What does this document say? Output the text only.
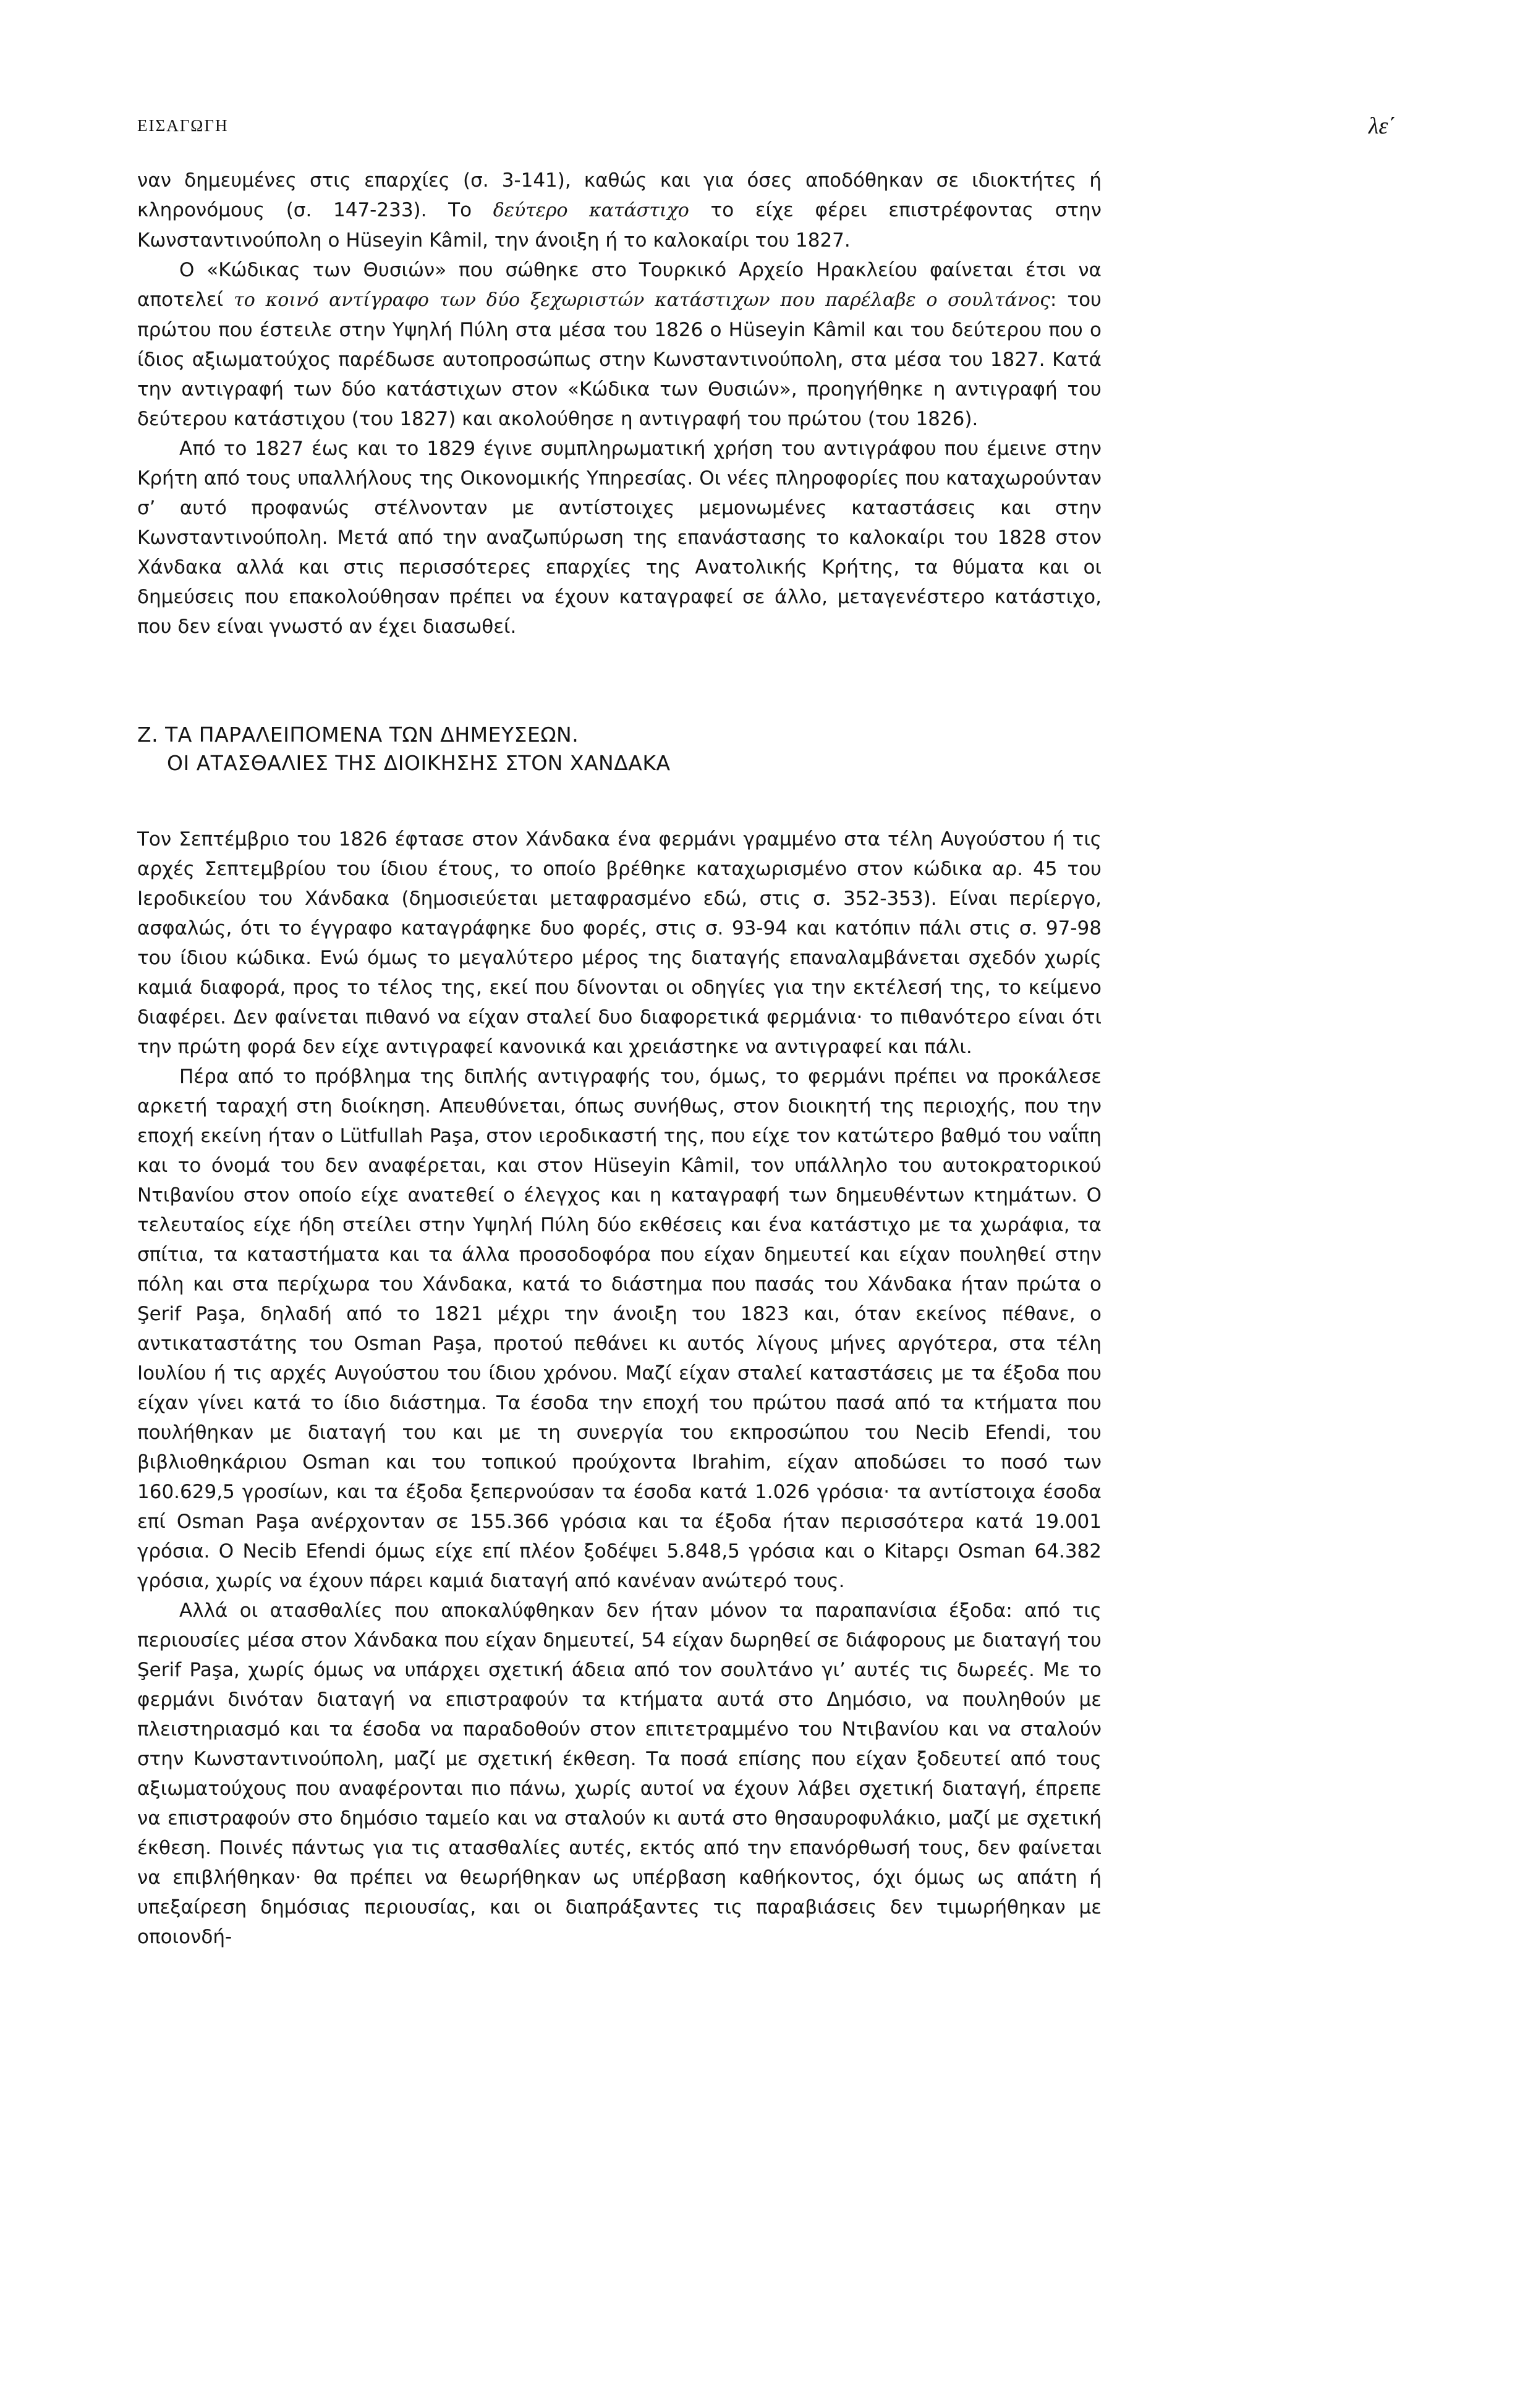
ΕΙΣΑΓΩΓΗ	λε΄

ναν δημευμένες στις επαρχίες (σ. 3-141), καθώς και για όσες αποδόθηκαν σε ιδιοκτήτες ή κληρονόμους (σ. 147-233). Το δεύτερο κατάστιχο το είχε φέρει επιστρέφοντας στην Κωνσταντινούπολη ο Hüseyin Kâmil, την άνοιξη ή το καλοκαίρι του 1827.

Ο «Κώδικας των Θυσιών» που σώθηκε στο Τουρκικό Αρχείο Ηρακλείου φαίνεται έτσι να αποτελεί το κοινό αντίγραφο των δύο ξεχωριστών κατάστιχων που παρέλαβε ο σουλτάνος: του πρώτου που έστειλε στην Υψηλή Πύλη στα μέσα του 1826 ο Hüseyin Kâmil και του δεύτερου που ο ίδιος αξιωματούχος παρέδωσε αυτοπροσώπως στην Κωνσταντινούπολη, στα μέσα του 1827. Κατά την αντιγραφή των δύο κατάστιχων στον «Κώδικα των Θυσιών», προηγήθηκε η αντιγραφή του δεύτερου κατάστιχου (του 1827) και ακολούθησε η αντιγραφή του πρώτου (του 1826).

Από το 1827 έως και το 1829 έγινε συμπληρωματική χρήση του αντιγράφου που έμεινε στην Κρήτη από τους υπαλλήλους της Οικονομικής Υπηρεσίας. Οι νέες πληροφορίες που καταχωρούνταν σ’ αυτό προφανώς στέλνονταν με αντίστοιχες μεμονωμένες καταστάσεις και στην Κωνσταντινούπολη. Μετά από την αναζωπύρωση της επανάστασης το καλοκαίρι του 1828 στον Χάνδακα αλλά και στις περισσότερες επαρχίες της Ανατολικής Κρήτης, τα θύματα και οι δημεύσεις που επακολούθησαν πρέπει να έχουν καταγραφεί σε άλλο, μεταγενέστερο κατάστιχο, που δεν είναι γνωστό αν έχει διασωθεί.

Ζ. ΤΑ ΠΑΡΑΛΕΙΠΟΜΕΝΑ ΤΩΝ ΔΗΜΕΥΣΕΩΝ.
ΟΙ ΑΤΑΣΘΑΛΙΕΣ ΤΗΣ ΔΙΟΙΚΗΣΗΣ ΣΤΟΝ ΧΑΝΔΑΚΑ

Τον Σεπτέμβριο του 1826 έφτασε στον Χάνδακα ένα φερμάνι γραμμένο στα τέλη Αυγούστου ή τις αρχές Σεπτεμβρίου του ίδιου έτους, το οποίο βρέθηκε καταχωρισμένο στον κώδικα αρ. 45 του Ιεροδικείου του Χάνδακα (δημοσιεύεται μεταφρασμένο εδώ, στις σ. 352-353). Είναι περίεργο, ασφαλώς, ότι το έγγραφο καταγράφηκε δυο φορές, στις σ. 93-94 και κατόπιν πάλι στις σ. 97-98 του ίδιου κώδικα. Ενώ όμως το μεγαλύτερο μέρος της διαταγής επαναλαμβάνεται σχεδόν χωρίς καμιά διαφορά, προς το τέλος της, εκεί που δίνονται οι οδηγίες για την εκτέλεσή της, το κείμενο διαφέρει. Δεν φαίνεται πιθανό να είχαν σταλεί δυο διαφορετικά φερμάνια· το πιθανότερο είναι ότι την πρώτη φορά δεν είχε αντιγραφεί κανονικά και χρειάστηκε να αντιγραφεί και πάλι.

Πέρα από το πρόβλημα της διπλής αντιγραφής του, όμως, το φερμάνι πρέπει να προκάλεσε αρκετή ταραχή στη διοίκηση. Απευθύνεται, όπως συνήθως, στον διοικητή της περιοχής, που την εποχή εκείνη ήταν ο Lütfullah Paşa, στον ιεροδικαστή της, που είχε τον κατώτερο βαθμό του ναΐπη και το όνομά του δεν αναφέρεται, και στον Hüseyin Kâmil, τον υπάλληλο του αυτοκρατορικού Ντιβανίου στον οποίο είχε ανατεθεί ο έλεγχος και η καταγραφή των δημευθέντων κτημάτων. Ο τελευταίος είχε ήδη στείλει στην Υψηλή Πύλη δύο εκθέσεις και ένα κατάστιχο με τα χωράφια, τα σπίτια, τα καταστήματα και τα άλλα προσοδοφόρα που είχαν δημευτεί και είχαν πουληθεί στην πόλη και στα περίχωρα του Χάνδακα, κατά το διάστημα που πασάς του Χάνδακα ήταν πρώτα ο Şerif Paşa, δηλαδή από το 1821 μέχρι την άνοιξη του 1823 και, όταν εκείνος πέθανε, ο αντικαταστάτης του Osman Paşa, προτού πεθάνει κι αυτός λίγους μήνες αργότερα, στα τέλη Ιουλίου ή τις αρχές Αυγούστου του ίδιου χρόνου. Μαζί είχαν σταλεί καταστάσεις με τα έξοδα που είχαν γίνει κατά το ίδιο διάστημα. Τα έσοδα την εποχή του πρώτου πασά από τα κτήματα που πουλήθηκαν με διαταγή του και με τη συνεργία του εκπροσώπου του Necib Efendi, του βιβλιοθηκάριου Osman και του τοπικού προύχοντα Ibrahim, είχαν αποδώσει το ποσό των 160.629,5 γροσίων, και τα έξοδα ξεπερνούσαν τα έσοδα κατά 1.026 γρόσια· τα αντίστοιχα έσοδα επί Osman Paşa ανέρχονταν σε 155.366 γρόσια και τα έξοδα ήταν περισσότερα κατά 19.001 γρόσια. Ο Necib Efendi όμως είχε επί πλέον ξοδέψει 5.848,5 γρόσια και ο Kitapçı Osman 64.382 γρόσια, χωρίς να έχουν πάρει καμιά διαταγή από κανέναν ανώτερό τους.

Αλλά οι ατασθαλίες που αποκαλύφθηκαν δεν ήταν μόνον τα παραπανίσια έξοδα: από τις περιουσίες μέσα στον Χάνδακα που είχαν δημευτεί, 54 είχαν δωρηθεί σε διάφορους με διαταγή του Şerif Paşa, χωρίς όμως να υπάρχει σχετική άδεια από τον σουλτάνο γι’ αυτές τις δωρεές. Με το φερμάνι δινόταν διαταγή να επιστραφούν τα κτήματα αυτά στο Δημόσιο, να πουληθούν με πλειστηριασμό και τα έσοδα να παραδοθούν στον επιτετραμμένο του Ντιβανίου και να σταλούν στην Κωνσταντινούπολη, μαζί με σχετική έκθεση. Τα ποσά επίσης που είχαν ξοδευτεί από τους αξιωματούχους που αναφέρονται πιο πάνω, χωρίς αυτοί να έχουν λάβει σχετική διαταγή, έπρεπε να επιστραφούν στο δημόσιο ταμείο και να σταλούν κι αυτά στο θησαυροφυλάκιο, μαζί με σχετική έκθεση. Ποινές πάντως για τις ατασθαλίες αυτές, εκτός από την επανόρθωσή τους, δεν φαίνεται να επιβλήθηκαν· θα πρέπει να θεωρήθηκαν ως υπέρβαση καθήκοντος, όχι όμως ως απάτη ή υπεξαίρεση δημόσιας περιουσίας, και οι διαπράξαντες τις παραβιάσεις δεν τιμωρήθηκαν με οποιονδή-
